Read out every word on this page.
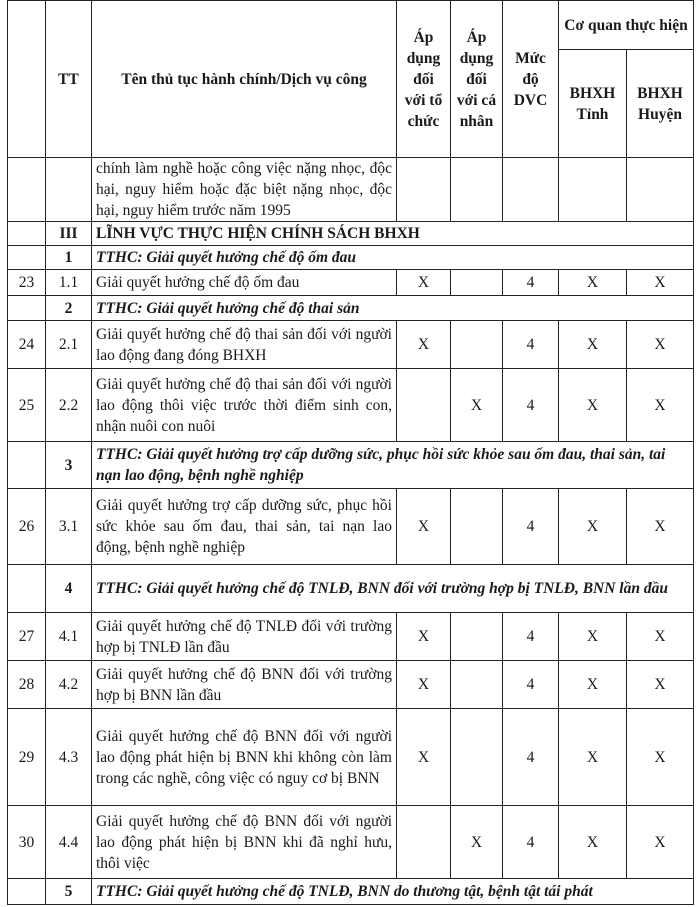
	TT	Tên thủ tục hành chính/Dịch vụ công	Áp dụng đối với tổ chức	Áp dụng đối với cá nhân	Mức độ DVC	Cơ quan thực hiện	
						BHXH Tỉnh	BHXH Huyện
		chính làm nghề hoặc công việc nặng nhọc, độc hại, nguy hiểm hoặc đặc biệt nặng nhọc, độc hại, nguy hiểm trước năm 1995					
	III	LĨNH VỰC THỰC HIỆN CHÍNH SÁCH BHXH					
	1	TTHC: Giải quyết hưởng chế độ ốm đau					
23	1.1	Giải quyết hưởng chế độ ốm đau	X		4	X	X
	2	TTHC: Giải quyết hưởng chế độ thai sản					
24	2.1	Giải quyết hưởng chế độ thai sản đối với người lao động đang đóng BHXH	X		4	X	X
25	2.2	Giải quyết hưởng chế độ thai sản đối với người lao động thôi việc trước thời điểm sinh con, nhận nuôi con nuôi		X	4	X	X
	3	TTHC: Giải quyết hưởng trợ cấp dưỡng sức, phục hồi sức khỏe sau ốm đau, thai sản, tai nạn lao động, bệnh nghề nghiệp					
26	3.1	Giải quyết hưởng trợ cấp dưỡng sức, phục hồi sức khỏe sau ốm đau, thai sản, tai nạn lao động, bệnh nghề nghiệp	X		4	X	X
	4	TTHC: Giải quyết hưởng chế độ TNLĐ, BNN đối với trường hợp bị TNLĐ, BNN lần đầu					
27	4.1	Giải quyết hưởng chế độ TNLĐ đối với trường hợp bị TNLĐ lần đầu	X		4	X	X
28	4.2	Giải quyết hưởng chế độ BNN đối với trường hợp bị BNN lần đầu	X		4	X	X
29	4.3	Giải quyết hưởng chế độ BNN đối với người lao động phát hiện bị BNN khi không còn làm trong các nghề, công việc có nguy cơ bị BNN	X		4	X	X
30	4.4	Giải quyết hưởng chế độ BNN đối với người lao động phát hiện bị BNN khi đã nghỉ hưu, thôi việc		X	4	X	X
	5	TTHC: Giải quyết hưởng chế độ TNLĐ, BNN do thương tật, bệnh tật tái phát					
